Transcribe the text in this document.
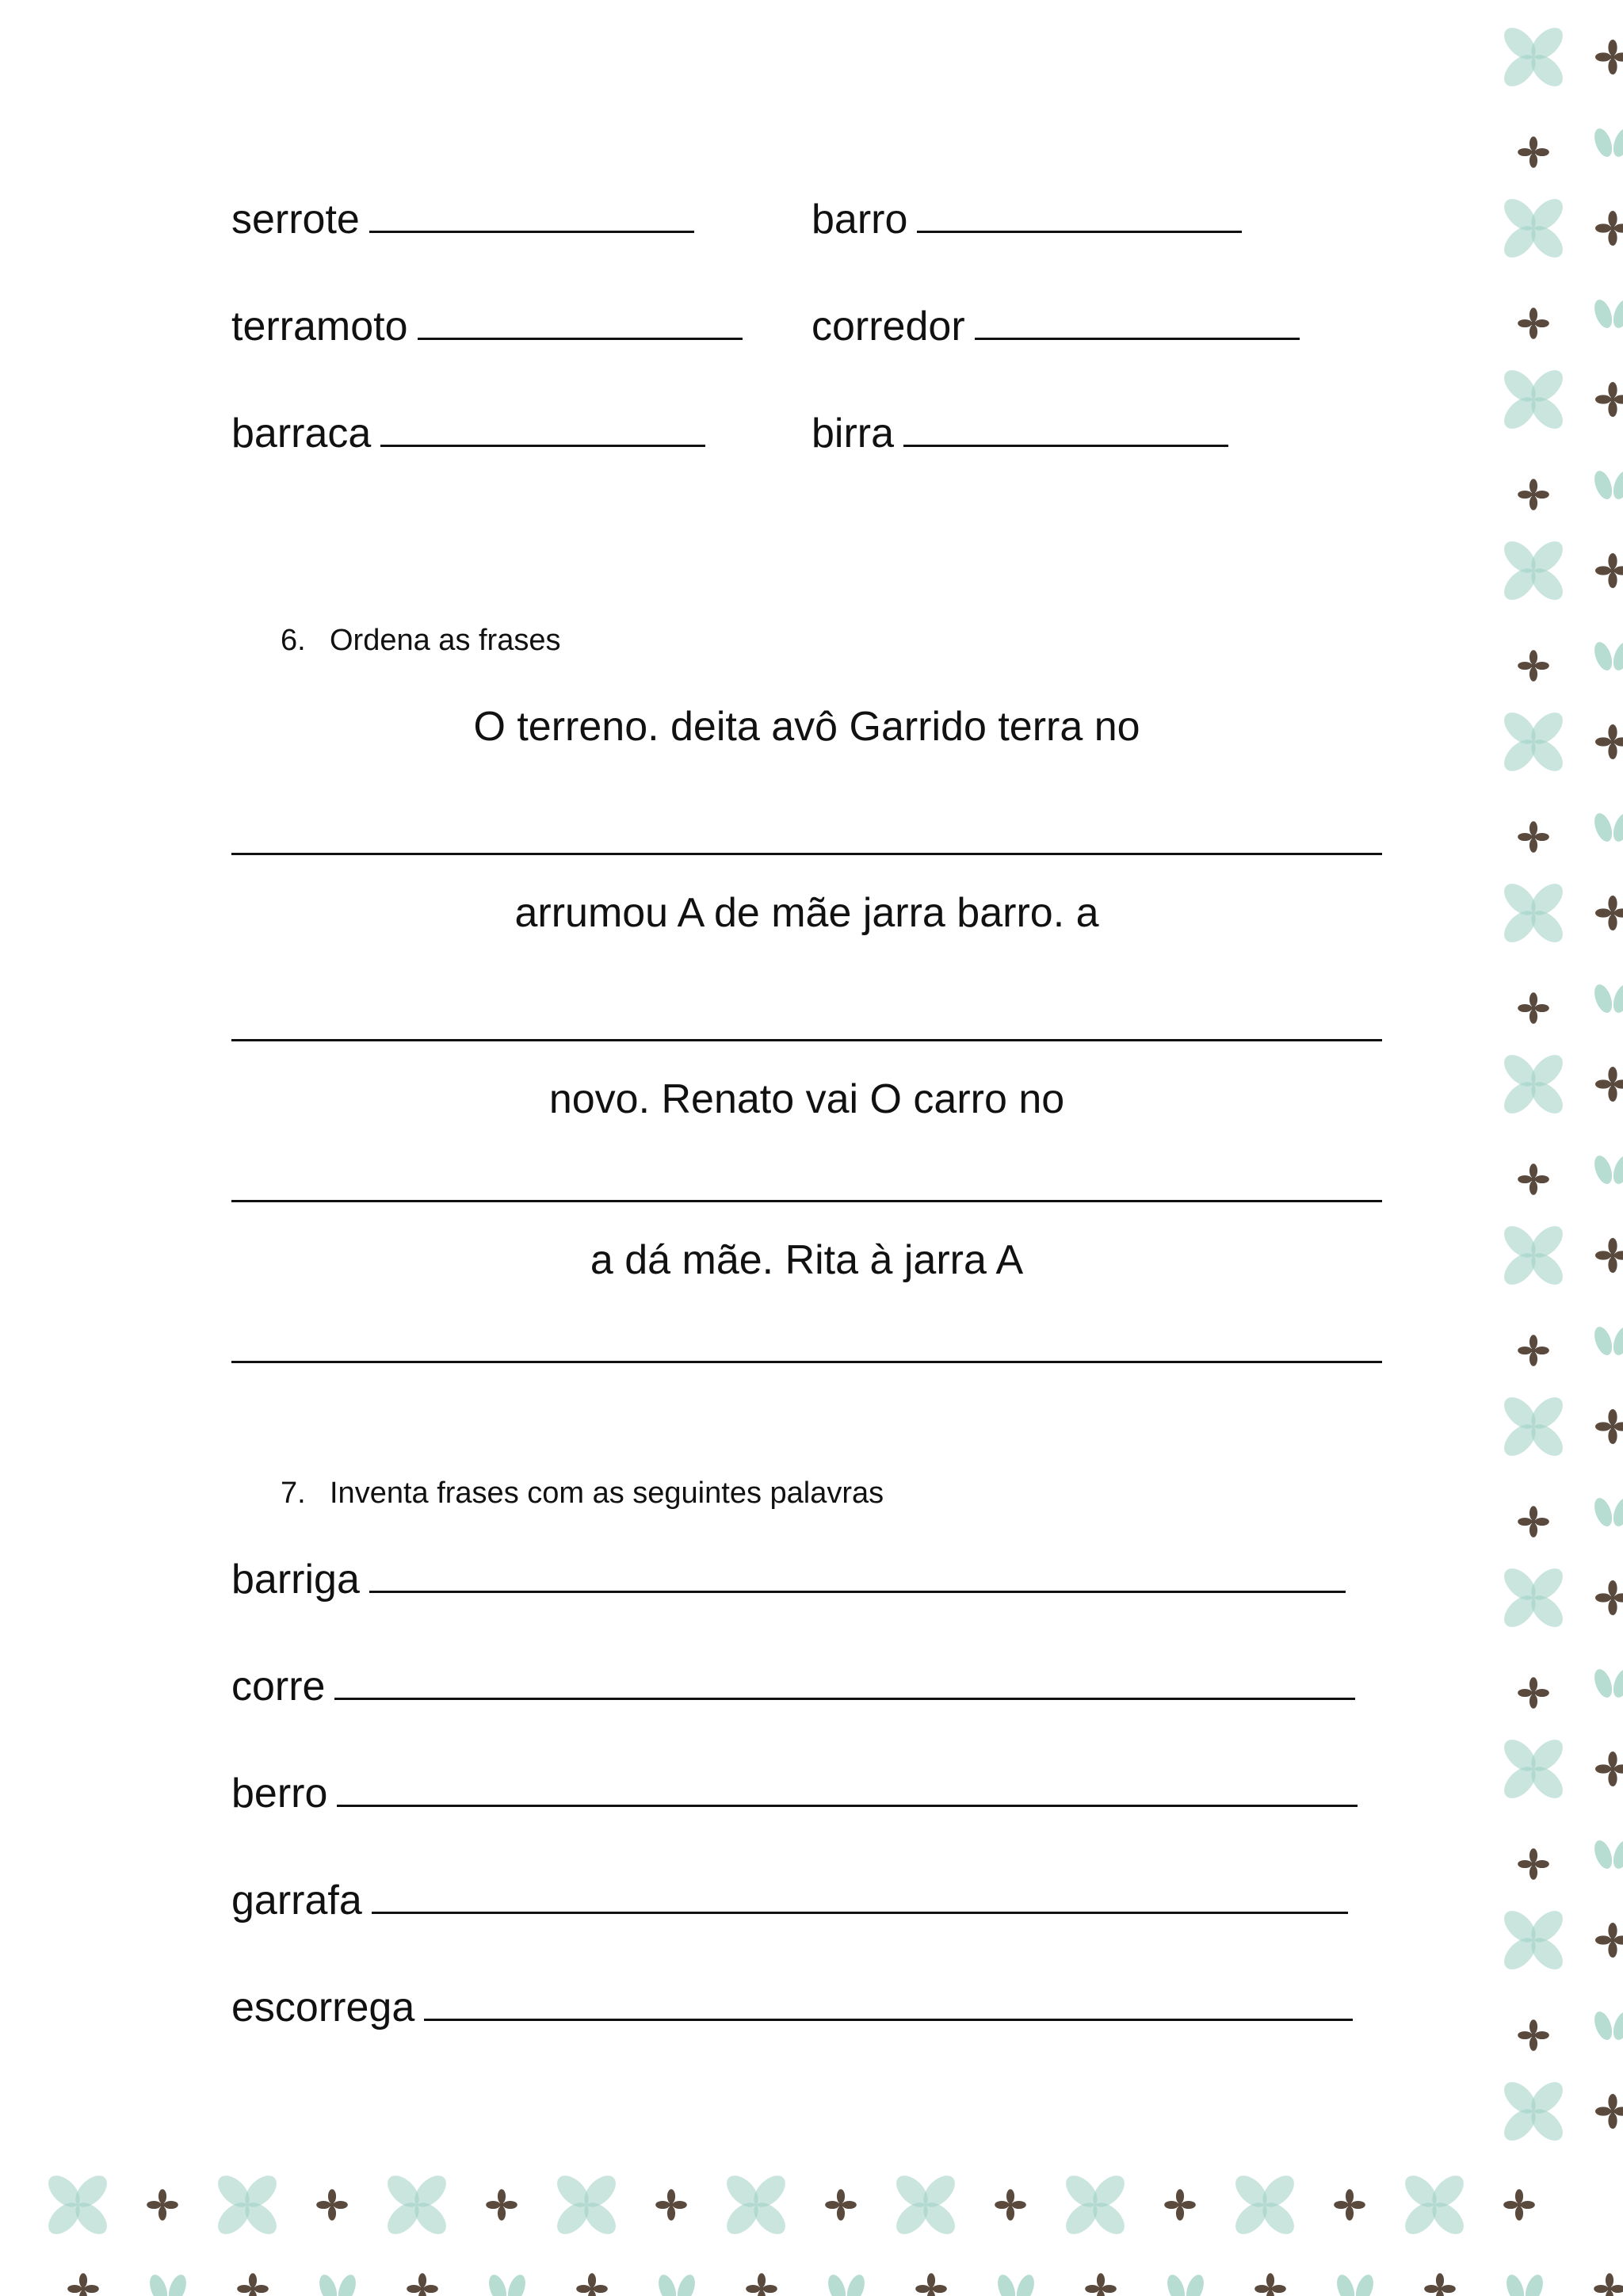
serrote	barro
terramoto	corredor
barraca	birra
6. Ordena as frases
O terreno. deita avô Garrido terra no
arrumou A de mãe jarra barro. a
novo. Renato vai O carro no
a dá mãe. Rita à jarra A
7. Inventa frases com as seguintes palavras
barriga
corre
berro
garrafa
escorrega
